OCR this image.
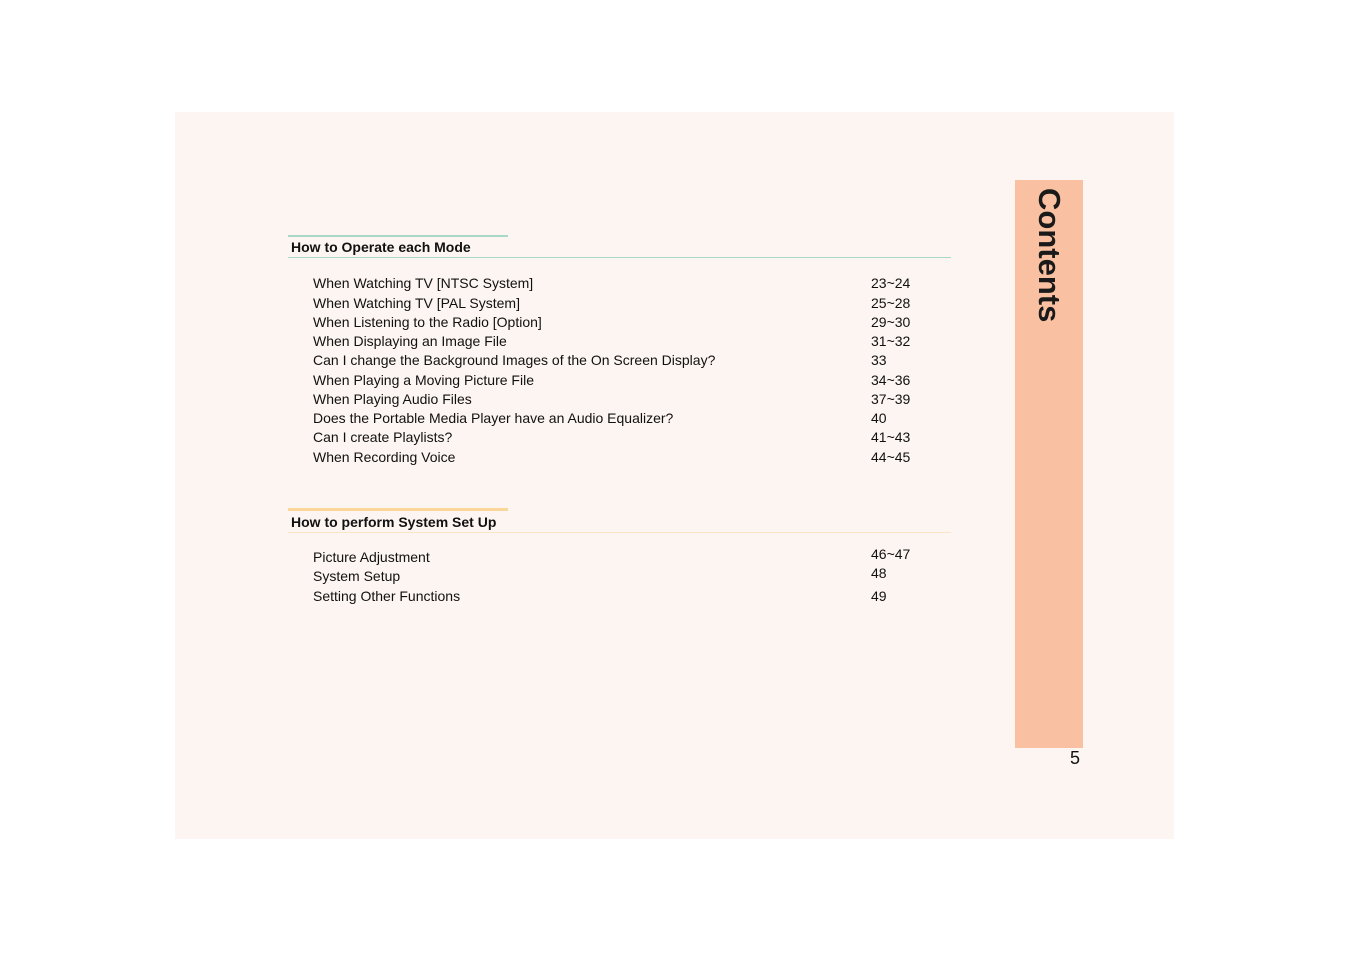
How to Operate each Mode
When Watching TV [NTSC System]	23~24
When Watching TV [PAL System]	25~28
When Listening to the Radio [Option]	29~30
When Displaying an Image File	31~32
Can I change the Background Images of the On Screen Display?	33
When Playing a Moving Picture File	34~36
When Playing Audio Files	37~39
Does the Portable Media Player have an Audio Equalizer?	40
Can I create Playlists?	41~43
When Recording Voice	44~45
How to perform System Set Up
Picture Adjustment	46~47
System Setup	48
Setting Other Functions	49
Contents
5
